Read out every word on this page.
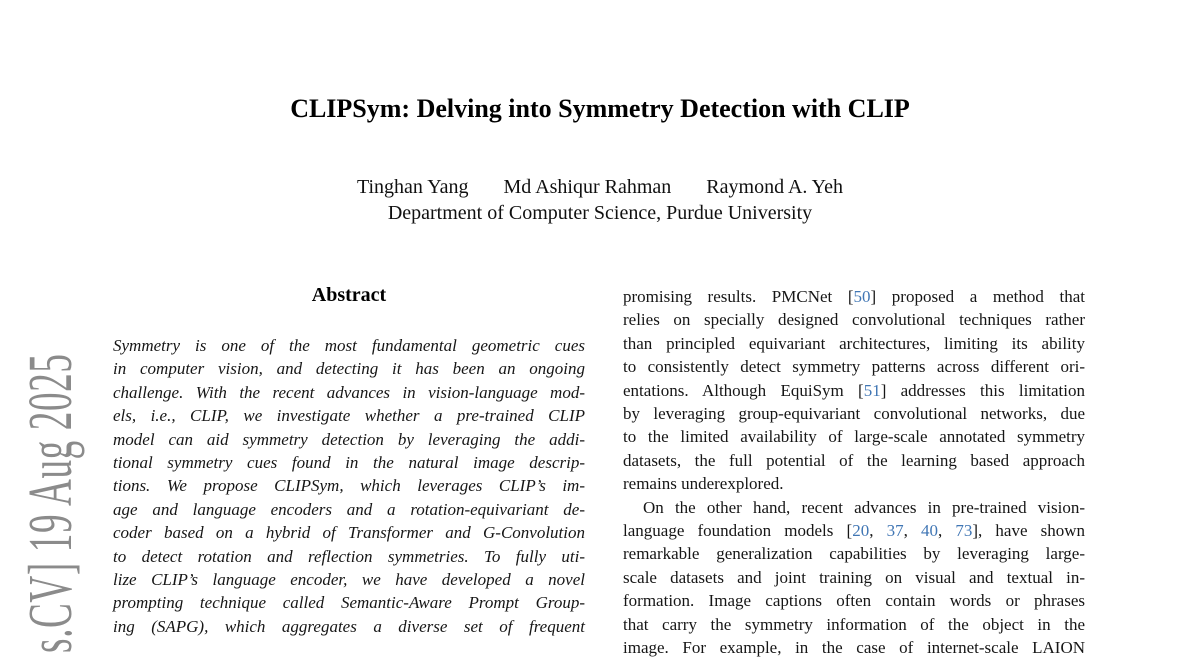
s.CV] 19 Aug 2025
CLIPSym: Delving into Symmetry Detection with CLIP
Tinghan Yang Md Ashiqur Rahman Raymond A. Yeh
Department of Computer Science, Purdue University
Abstract
Symmetry is one of the most fundamental geometric cues
in computer vision, and detecting it has been an ongoing
challenge. With the recent advances in vision-language mod-
els, i.e., CLIP, we investigate whether a pre-trained CLIP
model can aid symmetry detection by leveraging the addi-
tional symmetry cues found in the natural image descrip-
tions. We propose CLIPSym, which leverages CLIP’s im-
age and language encoders and a rotation-equivariant de-
coder based on a hybrid of Transformer and G-Convolution
to detect rotation and reflection symmetries. To fully uti-
lize CLIP’s language encoder, we have developed a novel
prompting technique called Semantic-Aware Prompt Group-
ing (SAPG), which aggregates a diverse set of frequent
promising results. PMCNet [50] proposed a method that
relies on specially designed convolutional techniques rather
than principled equivariant architectures, limiting its ability
to consistently detect symmetry patterns across different ori-
entations. Although EquiSym [51] addresses this limitation
by leveraging group-equivariant convolutional networks, due
to the limited availability of large-scale annotated symmetry
datasets, the full potential of the learning based approach
remains underexplored.
On the other hand, recent advances in pre-trained vision-
language foundation models [20, 37, 40, 73], have shown
remarkable generalization capabilities by leveraging large-
scale datasets and joint training on visual and textual in-
formation. Image captions often contain words or phrases
that carry the symmetry information of the object in the
image. For example, in the case of internet-scale LAION
